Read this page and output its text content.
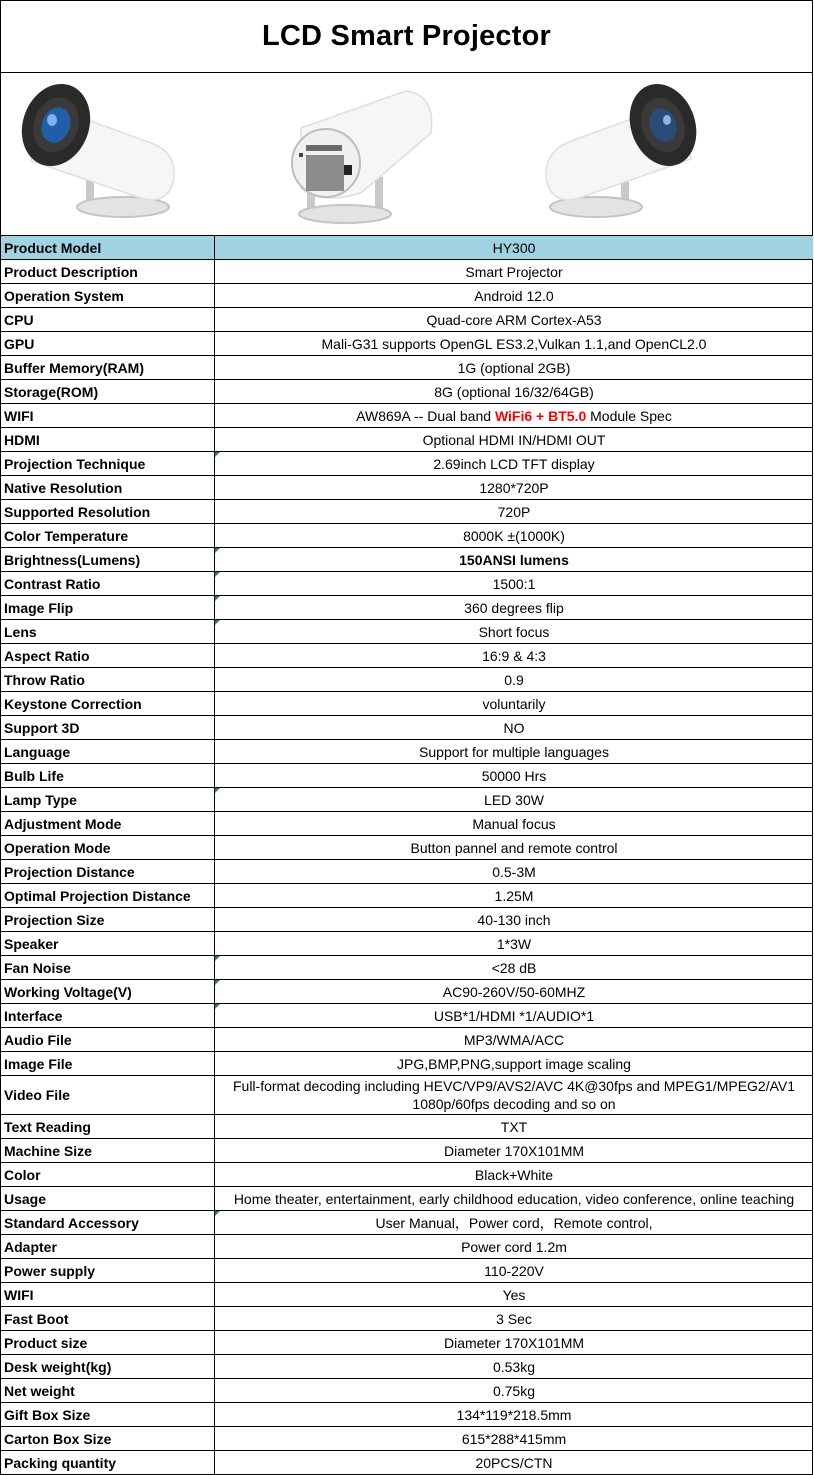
LCD Smart Projector
Product Model	HY300
Product Description	Smart Projector
Operation System	Android 12.0
CPU	Quad-core ARM Cortex-A53
GPU	Mali-G31 supports OpenGL ES3.2,Vulkan 1.1,and OpenCL2.0
Buffer Memory(RAM)	1G (optional 2GB)
Storage(ROM)	8G (optional 16/32/64GB)
WIFI	AW869A -- Dual band WiFi6 + BT5.0 Module Spec
HDMI	Optional HDMI IN/HDMI OUT
Projection Technique	2.69inch LCD TFT display

Native Resolution	1280*720P
Supported Resolution	720P
Color Temperature	8000K ±(1000K)
Brightness(Lumens)	150ANSI lumens

Contrast Ratio	1500:1

Image Flip	360 degrees flip

Lens	Short focus

Aspect Ratio	16:9 & 4:3
Throw Ratio	0.9
Keystone Correction	voluntarily
Support 3D	NO
Language	Support for multiple languages
Bulb Life	50000 Hrs
Lamp Type	LED 30W

Adjustment Mode	Manual focus
Operation Mode	Button pannel and remote control
Projection Distance	0.5-3M
Optimal Projection Distance	1.25M
Projection Size	40-130 inch
Speaker	1*3W
Fan Noise	<28 dB

Working Voltage(V)	AC90-260V/50-60MHZ

Interface	USB*1/HDMI *1/AUDIO*1

Audio File	MP3/WMA/ACC
Image File	JPG,BMP,PNG,support image scaling
Video File	Full-format decoding including HEVC/VP9/AVS2/AVC 4K@30fps and MPEG1/MPEG2/AV1 1080p/60fps decoding and so on
Text Reading	TXT
Machine Size	Diameter 170X101MM
Color	Black+White
Usage	Home theater, entertainment, early childhood education, video conference, online teaching
Standard Accessory	User Manual，Power cord，Remote control,

Adapter	Power cord 1.2m
Power supply	110-220V
WIFI	Yes
Fast Boot	3 Sec
Product size	Diameter 170X101MM
Desk weight(kg)	0.53kg
Net weight	0.75kg
Gift Box Size	134*119*218.5mm
Carton Box Size	615*288*415mm
Packing quantity	20PCS/CTN
